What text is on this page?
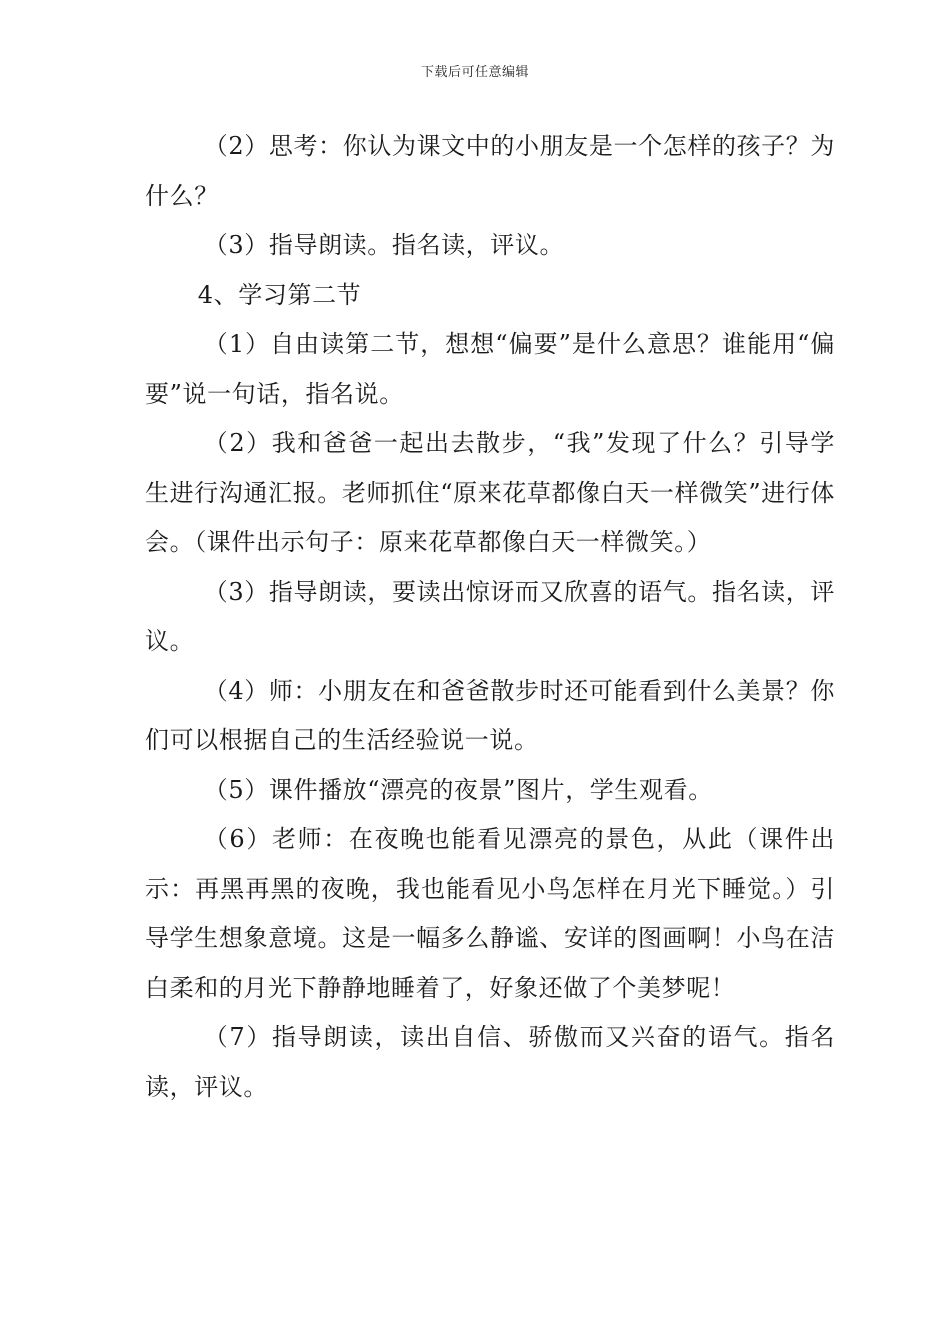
下载后可任意编辑

（2）思考：你认为课文中的小朋友是一个怎样的孩子？为什么？

（3）指导朗读。指名读，评议。

4、学习第二节

（1）自由读第二节，想想“偏要”是什么意思？谁能用“偏要”说一句话，指名说。

（2）我和爸爸一起出去散步，“我”发现了什么？引导学生进行沟通汇报。老师抓住“原来花草都像白天一样微笑”进行体会。（课件出示句子：原来花草都像白天一样微笑。）

（3）指导朗读，要读出惊讶而又欣喜的语气。指名读，评议。

（4）师：小朋友在和爸爸散步时还可能看到什么美景？你们可以根据自己的生活经验说一说。

（5）课件播放“漂亮的夜景”图片，学生观看。

（6）老师：在夜晚也能看见漂亮的景色，从此（课件出示：再黑再黑的夜晚，我也能看见小鸟怎样在月光下睡觉。）引导学生想象意境。这是一幅多么静谧、安详的图画啊！小鸟在洁白柔和的月光下静静地睡着了，好象还做了个美梦呢！

（7）指导朗读，读出自信、骄傲而又兴奋的语气。指名读，评议。
